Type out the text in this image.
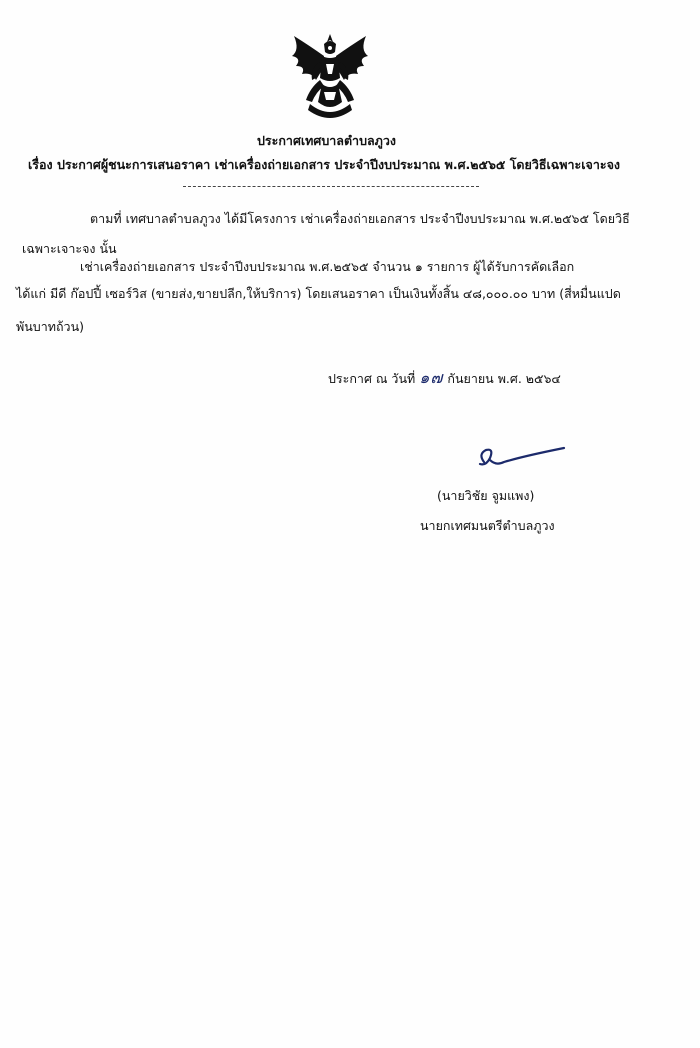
ประกาศเทศบาลตำบลภูวง
เรื่อง ประกาศผู้ชนะการเสนอราคา เช่าเครื่องถ่ายเอกสาร ประจำปีงบประมาณ พ.ศ.๒๕๖๕ โดยวิธีเฉพาะเจาะจง
ตามที่ เทศบาลตำบลภูวง ได้มีโครงการ เช่าเครื่องถ่ายเอกสาร ประจำปีงบประมาณ พ.ศ.๒๕๖๕ โดยวิธี
เฉพาะเจาะจง นั้น
เช่าเครื่องถ่ายเอกสาร ประจำปีงบประมาณ พ.ศ.๒๕๖๕ จำนวน ๑ รายการ ผู้ได้รับการคัดเลือก
ได้แก่ มีดี ก๊อปปี้ เซอร์วิส (ขายส่ง,ขายปลีก,ให้บริการ) โดยเสนอราคา เป็นเงินทั้งสิ้น ๔๘,๐๐๐.๐๐ บาท (สี่หมื่นแปด
พันบาทถ้วน)
ประกาศ ณ วันที่ ๑๗ กันยายน พ.ศ. ๒๕๖๔
(นายวิชัย จูมแพง)
นายกเทศมนตรีตำบลภูวง
